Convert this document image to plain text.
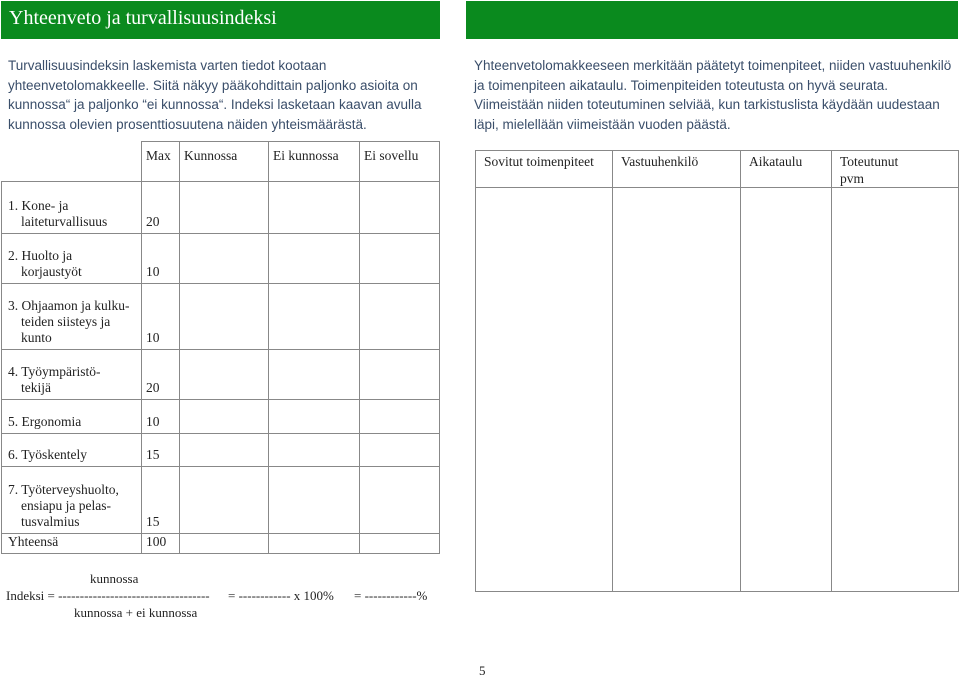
Yhteenveto ja turvallisuusindeksi
Turvallisuusindeksin laskemista varten tiedot kootaan yhteenvetolomakkeelle. Siitä näkyy pääkohdittain paljonko asioita on kunnossa“ ja paljonko “ei kunnossa“. Indeksi lasketaan kaavan avulla kunnossa olevien prosenttiosuutena näiden yhteismäärästä.
Yhteenvetolomakkeeseen merkitään päätetyt toimenpiteet, niiden vastuuhenkilö ja toimenpiteen aikataulu. Toimenpiteiden toteutusta on hyvä seurata. Viimeistään niiden toteutuminen selviää, kun tarkistuslista käydään uudestaan läpi, mielellään viimeistään vuoden päästä.
	Max	Kunnossa	Ei kunnossa	Ei sovellu
1. Kone- ja
laiteturvallisuus	20			
2. Huolto ja
korjaustyöt	10			
3. Ohjaamon ja kulku-
teiden siisteys ja
kunto	10			
4. Työympäristö-
tekijä	20			
5. Ergonomia	10			
6. Työskentely	15			
7. Työterveyshuolto,
ensiapu ja pelas-
tusvalmius	15			
Yhteensä	100			
Sovitut toimenpiteet	Vastuuhenkilö	Aikataulu	Toteutunut
pvm

kunnossa
Indeksi = ----------------------------------- = ------------ x 100% = ------------%
kunnossa + ei kunnossa
5
